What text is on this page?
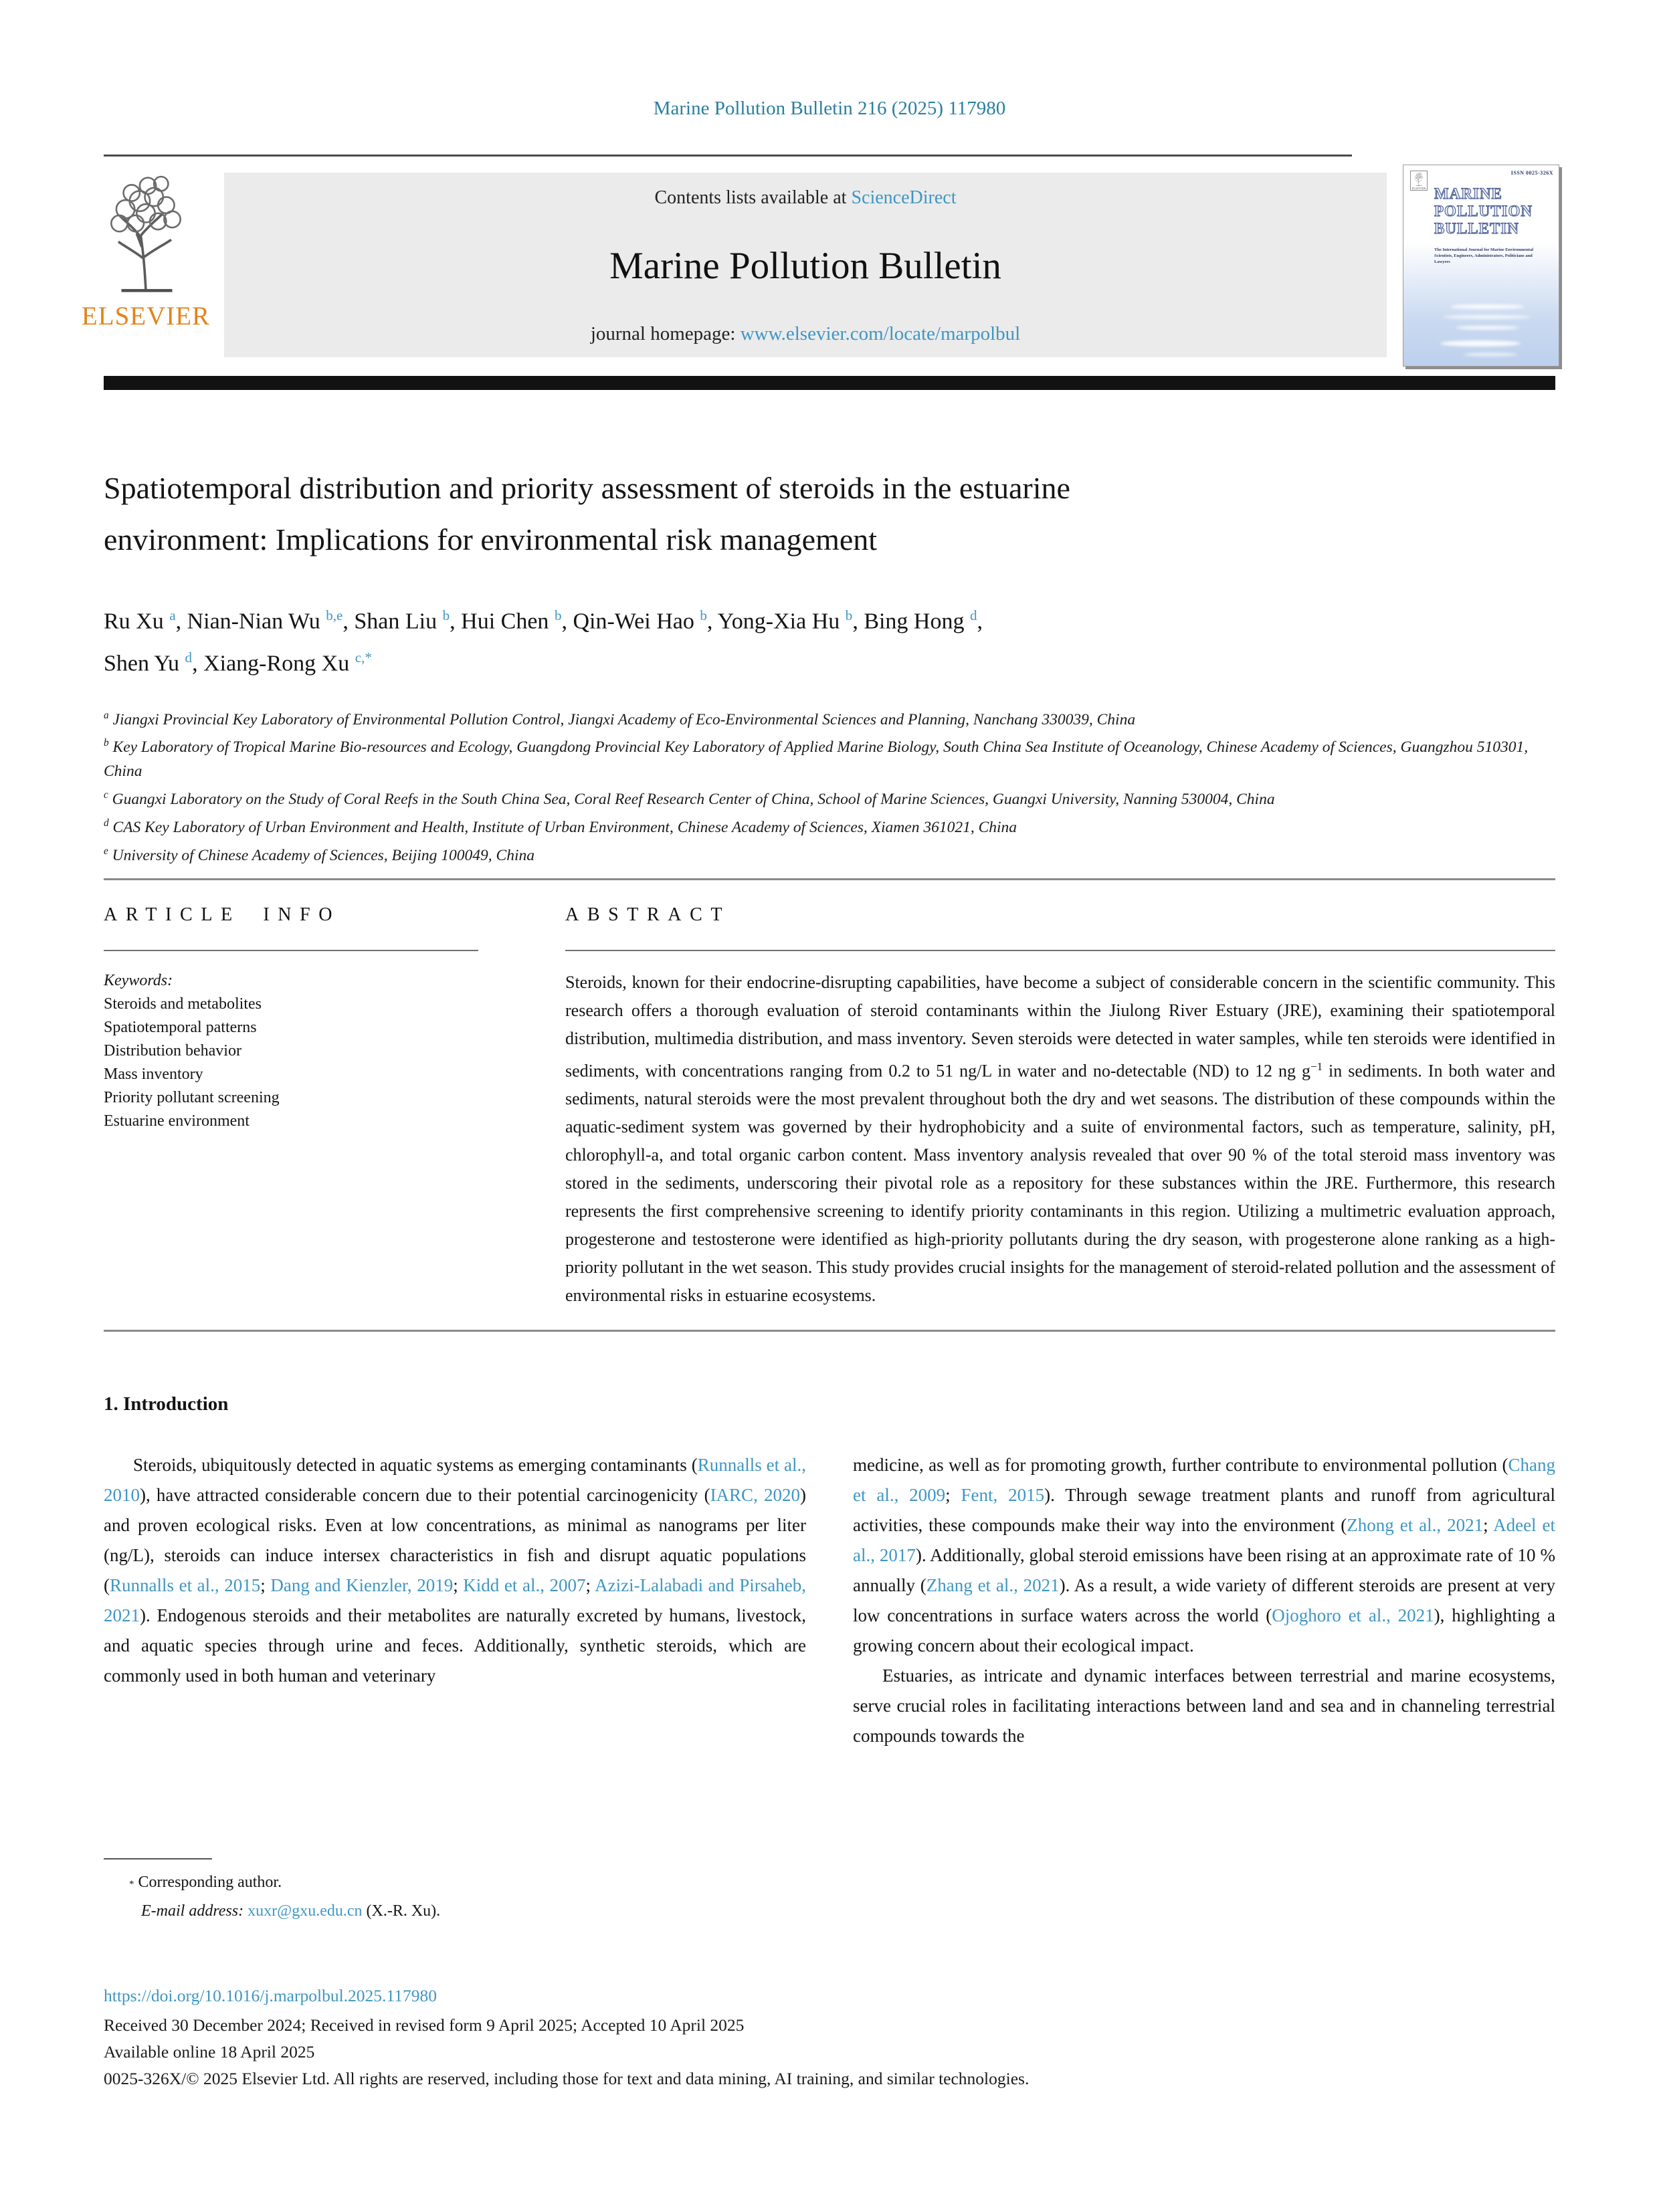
Marine Pollution Bulletin 216 (2025) 117980
ELSEVIER
Contents lists available at ScienceDirect
Marine Pollution Bulletin
journal homepage: www.elsevier.com/locate/marpolbul
ELSEVIER
ISSN 0025-326X
MARINE
POLLUTION
BULLETIN
The International Journal for Marine Environmental
Scientists, Engineers, Administrators, Politicians and Lawyers
Spatiotemporal distribution and priority assessment of steroids in the estuarine environment: Implications for environmental risk management
Ru Xu $^a$, Nian-Nian Wu $^{b,e}$, Shan Liu $^b$, Hui Chen $^b$, Qin-Wei Hao $^b$, Yong-Xia Hu $^b$, Bing Hong $^d$,
Shen Yu $^d$, Xiang-Rong Xu $^{c,*}$
$^a$ Jiangxi Provincial Key Laboratory of Environmental Pollution Control, Jiangxi Academy of Eco-Environmental Sciences and Planning, Nanchang 330039, China
$^b$ Key Laboratory of Tropical Marine Bio-resources and Ecology, Guangdong Provincial Key Laboratory of Applied Marine Biology, South China Sea Institute of Oceanology, Chinese Academy of Sciences, Guangzhou 510301, China
$^c$ Guangxi Laboratory on the Study of Coral Reefs in the South China Sea, Coral Reef Research Center of China, School of Marine Sciences, Guangxi University, Nanning 530004, China
$^d$ CAS Key Laboratory of Urban Environment and Health, Institute of Urban Environment, Chinese Academy of Sciences, Xiamen 361021, China
$^e$ University of Chinese Academy of Sciences, Beijing 100049, China
ARTICLE INFO
Keywords:
Steroids and metabolites
Spatiotemporal patterns
Distribution behavior
Mass inventory
Priority pollutant screening
Estuarine environment
ABSTRACT
Steroids, known for their endocrine-disrupting capabilities, have become a subject of considerable concern in the scientific community. This research offers a thorough evaluation of steroid contaminants within the Jiulong River Estuary (JRE), examining their spatiotemporal distribution, multimedia distribution, and mass inventory. Seven steroids were detected in water samples, while ten steroids were identified in sediments, with concentrations ranging from 0.2 to 51 ng/L in water and no-detectable (ND) to 12 ng $g^{-1}$ in sediments. In both water and sediments, natural steroids were the most prevalent throughout both the dry and wet seasons. The distribution of these compounds within the aquatic-sediment system was governed by their hydrophobicity and a suite of environmental factors, such as temperature, salinity, pH, chlorophyll-a, and total organic carbon content. Mass inventory analysis revealed that over 90 % of the total steroid mass inventory was stored in the sediments, underscoring their pivotal role as a repository for these substances within the JRE. Furthermore, this research represents the first comprehensive screening to identify priority contaminants in this region. Utilizing a multimetric evaluation approach, progesterone and testosterone were identified as high-priority pollutants during the dry season, with progesterone alone ranking as a high-priority pollutant in the wet season. This study provides crucial insights for the management of steroid-related pollution and the assessment of environmental risks in estuarine ecosystems.
1. Introduction

Steroids, ubiquitously detected in aquatic systems as emerging contaminants (Runnalls et al., 2010), have attracted considerable concern due to their potential carcinogenicity (IARC, 2020) and proven ecological risks. Even at low concentrations, as minimal as nanograms per liter (ng/L), steroids can induce intersex characteristics in fish and disrupt aquatic populations (Runnalls et al., 2015; Dang and Kienzler, 2019; Kidd et al., 2007; Azizi-Lalabadi and Pirsaheb, 2021). Endogenous steroids and their metabolites are naturally excreted by humans, livestock, and aquatic species through urine and feces. Additionally, synthetic steroids, which are commonly used in both human and veterinary

medicine, as well as for promoting growth, further contribute to environmental pollution (Chang et al., 2009; Fent, 2015). Through sewage treatment plants and runoff from agricultural activities, these compounds make their way into the environment (Zhong et al., 2021; Adeel et al., 2017). Additionally, global steroid emissions have been rising at an approximate rate of 10 % annually (Zhang et al., 2021). As a result, a wide variety of different steroids are present at very low concentrations in surface waters across the world (Ojoghoro et al., 2021), highlighting a growing concern about their ecological impact.

Estuaries, as intricate and dynamic interfaces between terrestrial and marine ecosystems, serve crucial roles in facilitating interactions between land and sea and in channeling terrestrial compounds towards the

* Corresponding author.
E-mail address: xuxr@gxu.edu.cn (X.-R. Xu).
https://doi.org/10.1016/j.marpolbul.2025.117980
Received 30 December 2024; Received in revised form 9 April 2025; Accepted 10 April 2025
Available online 18 April 2025
0025-326X/© 2025 Elsevier Ltd. All rights are reserved, including those for text and data mining, AI training, and similar technologies.
